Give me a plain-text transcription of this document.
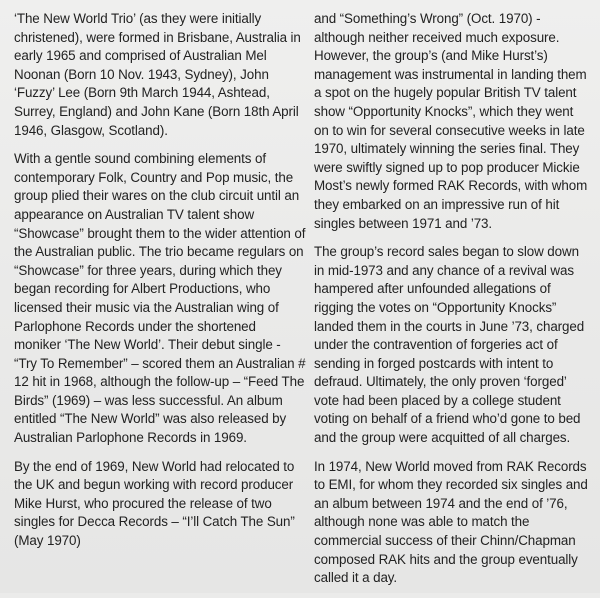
‘The New World Trio’ (as they were initially christened), were formed in Brisbane, Australia in early 1965 and comprised of Australian Mel Noonan (Born 10 Nov. 1943, Sydney), John ‘Fuzzy’ Lee (Born 9th March 1944, Ashtead, Surrey, England) and John Kane (Born 18th April 1946, Glasgow, Scotland).

With a gentle sound combining elements of contemporary Folk, Country and Pop music, the group plied their wares on the club circuit until an appearance on Australian TV talent show “Showcase” brought them to the wider attention of the Australian public. The trio became regulars on “Showcase” for three years, during which they began recording for Albert Productions, who licensed their music via the Australian wing of Parlophone Records under the shortened moniker ‘The New World’. Their debut single - “Try To Remember” – scored them an Australian # 12 hit in 1968, although the follow-up – “Feed The Birds” (1969) – was less successful. An album entitled “The New World” was also released by Australian Parlophone Records in 1969.

By the end of 1969, New World had relocated to the UK and begun working with record producer Mike Hurst, who procured the release of two singles for Decca Records – “I’ll Catch The Sun” (May 1970)

and “Something’s Wrong” (Oct. 1970) - although neither received much exposure. However, the group’s (and Mike Hurst’s) management was instrumental in landing them a spot on the hugely popular British TV talent show “Opportunity Knocks”, which they went on to win for several consecutive weeks in late 1970, ultimately winning the series final. They were swiftly signed up to pop producer Mickie Most’s newly formed RAK Records, with whom they embarked on an impressive run of hit singles between 1971 and ’73.

The group’s record sales began to slow down in mid-1973 and any chance of a revival was hampered after unfounded allegations of rigging the votes on “Opportunity Knocks” landed them in the courts in June ’73, charged under the contravention of forgeries act of sending in forged postcards with intent to defraud. Ultimately, the only proven ‘forged’ vote had been placed by a college student voting on behalf of a friend who’d gone to bed and the group were acquitted of all charges.

In 1974, New World moved from RAK Records to EMI, for whom they recorded six singles and an album between 1974 and the end of ’76, although none was able to match the commercial success of their Chinn/Chapman composed RAK hits and the group eventually called it a day.
